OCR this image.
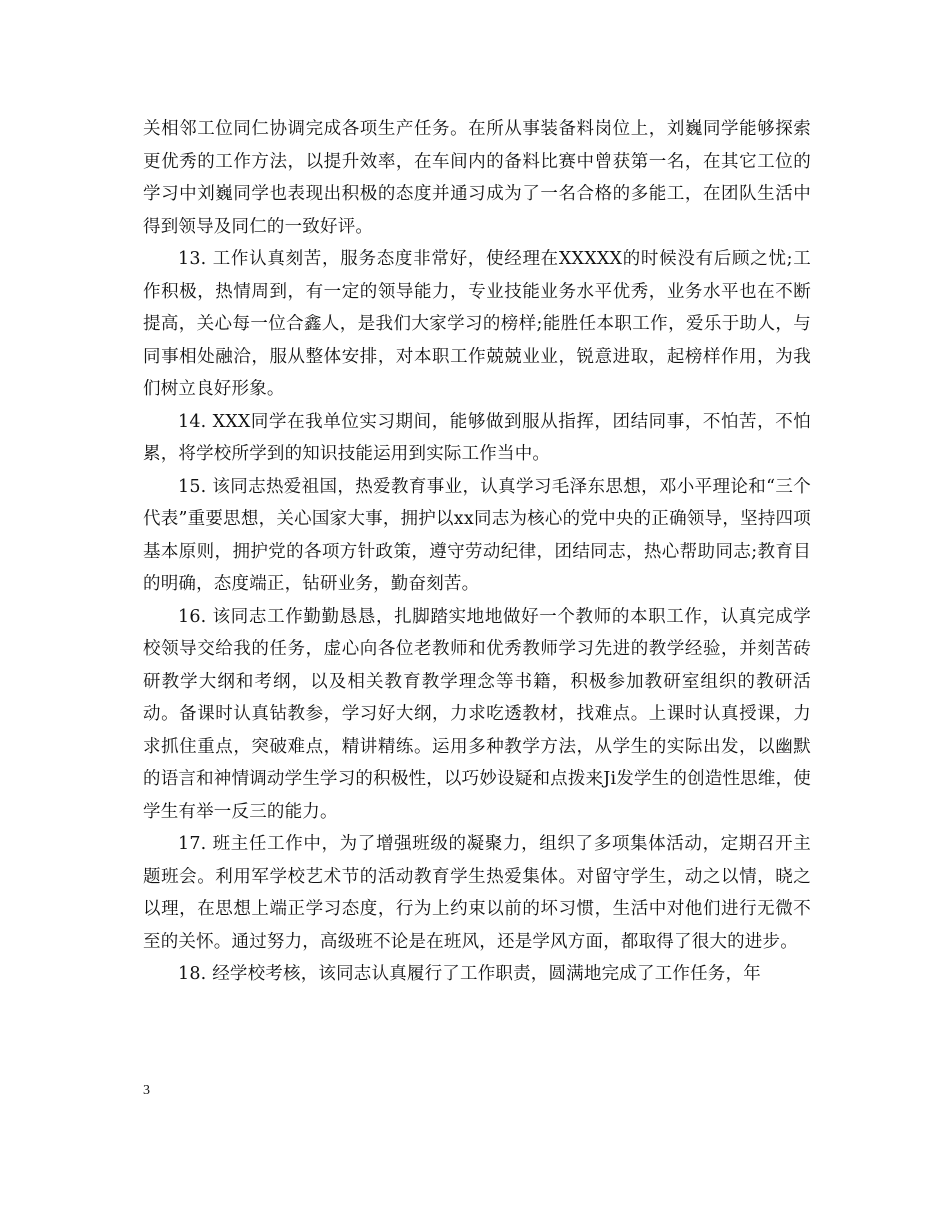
关相邻工位同仁协调完成各项生产任务。在所从事装备料岗位上，刘巍同学能够探索更优秀的工作方法，以提升效率，在车间内的备料比赛中曾获第一名，在其它工位的学习中刘巍同学也表现出积极的态度并通习成为了一名合格的多能工，在团队生活中得到领导及同仁的一致好评。

13. 工作认真刻苦，服务态度非常好，使经理在XXXXX的时候没有后顾之忧;工作积极，热情周到，有一定的领导能力，专业技能业务水平优秀，业务水平也在不断提高，关心每一位合鑫人，是我们大家学习的榜样;能胜任本职工作，爱乐于助人，与同事相处融洽，服从整体安排，对本职工作兢兢业业，锐意进取，起榜样作用，为我们树立良好形象。

14. XXX同学在我单位实习期间，能够做到服从指挥，团结同事，不怕苦，不怕累，将学校所学到的知识技能运用到实际工作当中。

15. 该同志热爱祖国，热爱教育事业，认真学习毛泽东思想，邓小平理论和“三个代表”重要思想，关心国家大事，拥护以xx同志为核心的党中央的正确领导，坚持四项基本原则，拥护党的各项方针政策，遵守劳动纪律，团结同志，热心帮助同志;教育目的明确，态度端正，钻研业务，勤奋刻苦。

16. 该同志工作勤勤恳恳，扎脚踏实地地做好一个教师的本职工作，认真完成学校领导交给我的任务，虚心向各位老教师和优秀教师学习先进的教学经验，并刻苦砖研教学大纲和考纲，以及相关教育教学理念等书籍，积极参加教研室组织的教研活动。备课时认真钻教参，学习好大纲，力求吃透教材，找难点。上课时认真授课，力求抓住重点，突破难点，精讲精练。运用多种教学方法，从学生的实际出发，以幽默的语言和神情调动学生学习的积极性，以巧妙设疑和点拨来Ji发学生的创造性思维，使学生有举一反三的能力。

17. 班主任工作中，为了增强班级的凝聚力，组织了多项集体活动，定期召开主题班会。利用军学校艺术节的活动教育学生热爱集体。对留守学生，动之以情，晓之以理，在思想上端正学习态度，行为上约束以前的坏习惯，生活中对他们进行无微不至的关怀。通过努力，高级班不论是在班风，还是学风方面，都取得了很大的进步。

18. 经学校考核，该同志认真履行了工作职责，圆满地完成了工作任务，年

3
